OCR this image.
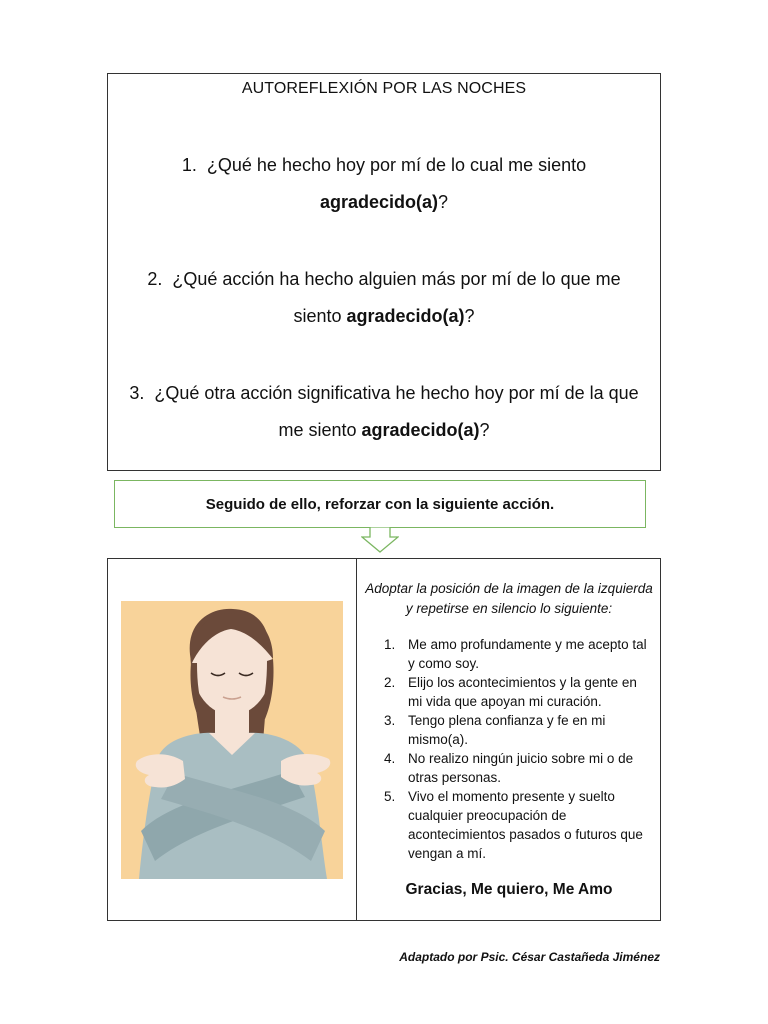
AUTOREFLEXIÓN POR LAS NOCHES
1. ¿Qué he hecho hoy por mí de lo cual me siento
agradecido(a)?
2. ¿Qué acción ha hecho alguien más por mí de lo que me
siento agradecido(a)?
3. ¿Qué otra acción significativa he hecho hoy por mí de la que
me siento agradecido(a)?
Seguido de ello, reforzar con la siguiente acción.
Adoptar la posición de la imagen de la izquierda y repetirse en silencio lo siguiente:
1. Me amo profundamente y me acepto tal y como soy.
2. Elijo los acontecimientos y la gente en mi vida que apoyan mi curación.
3. Tengo plena confianza y fe en mi mismo(a).
4. No realizo ningún juicio sobre mi o de otras personas.
5. Vivo el momento presente y suelto cualquier preocupación de acontecimientos pasados o futuros que vengan a mí.
Gracias, Me quiero, Me Amo
Adaptado por Psic. César Castañeda Jiménez
